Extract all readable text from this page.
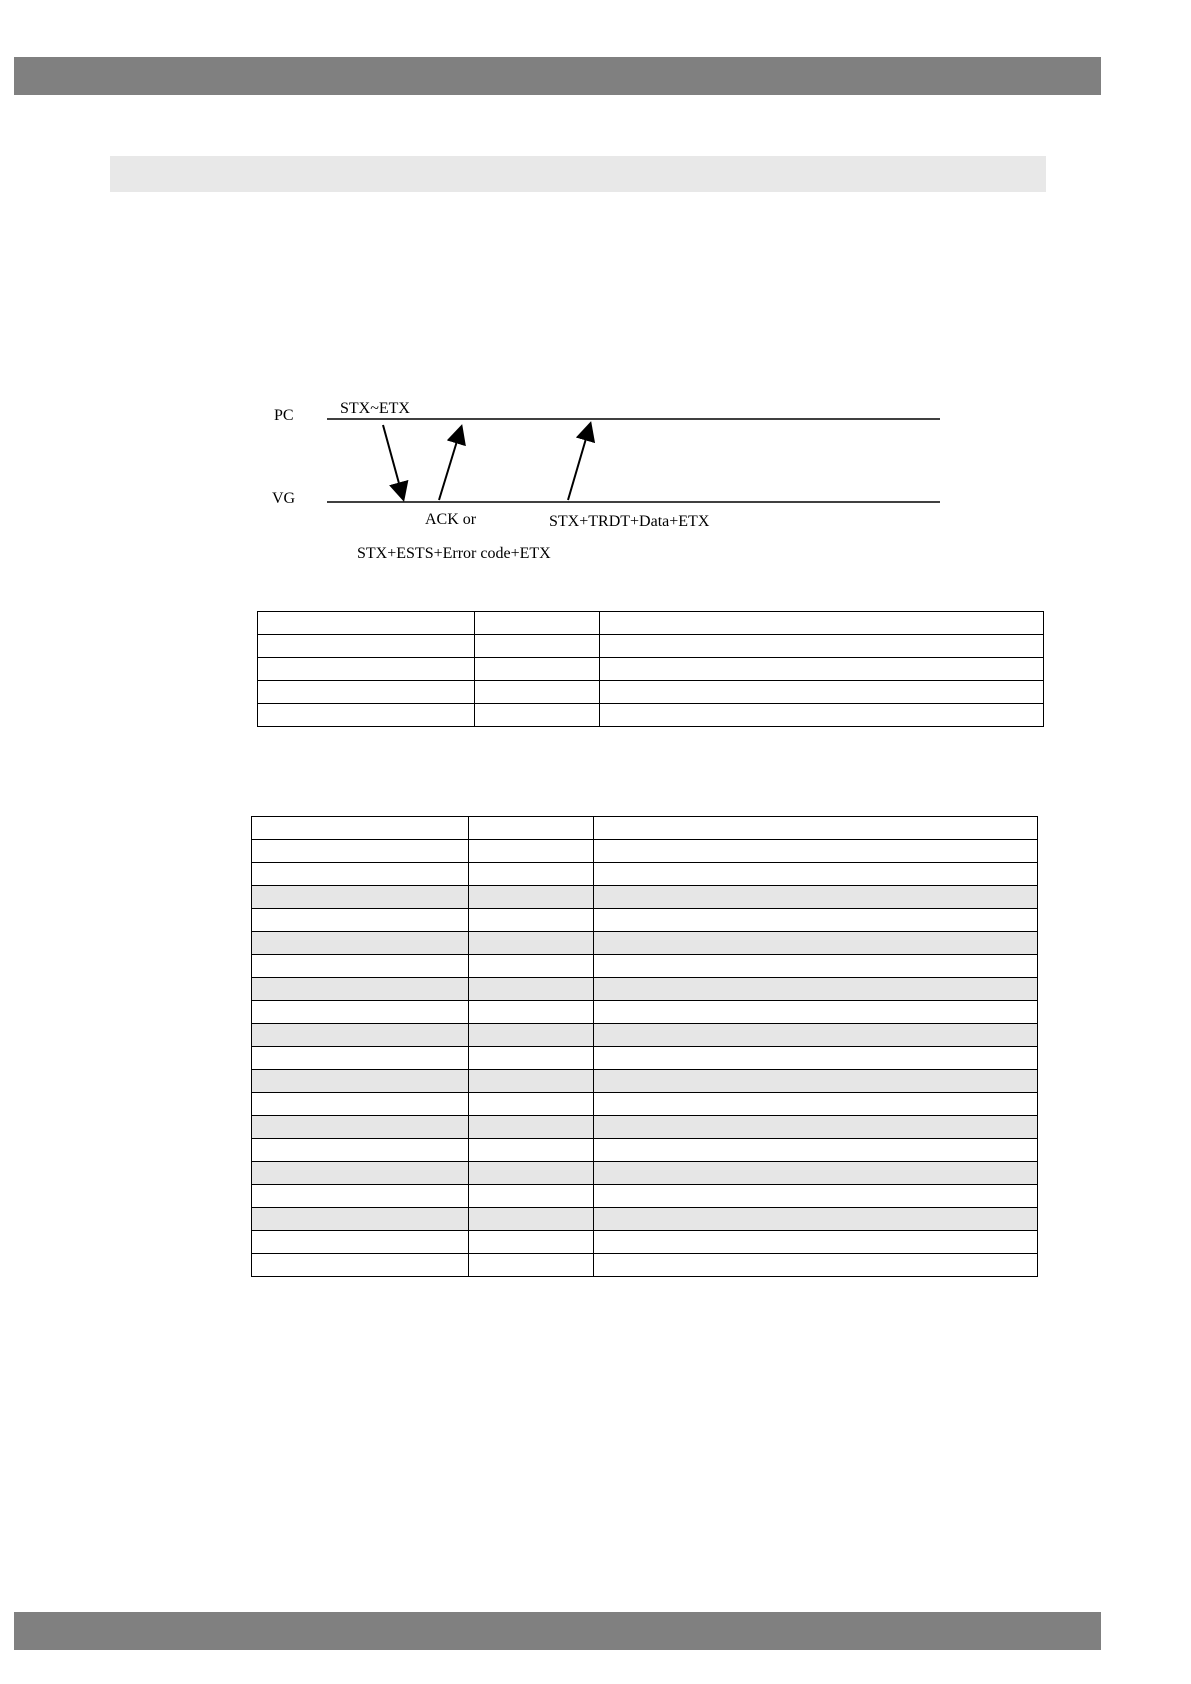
PC
VG
STX~ETX
ACK or	STX+TRDT+Data+ETX
STX+ESTS+Error code+ETX
